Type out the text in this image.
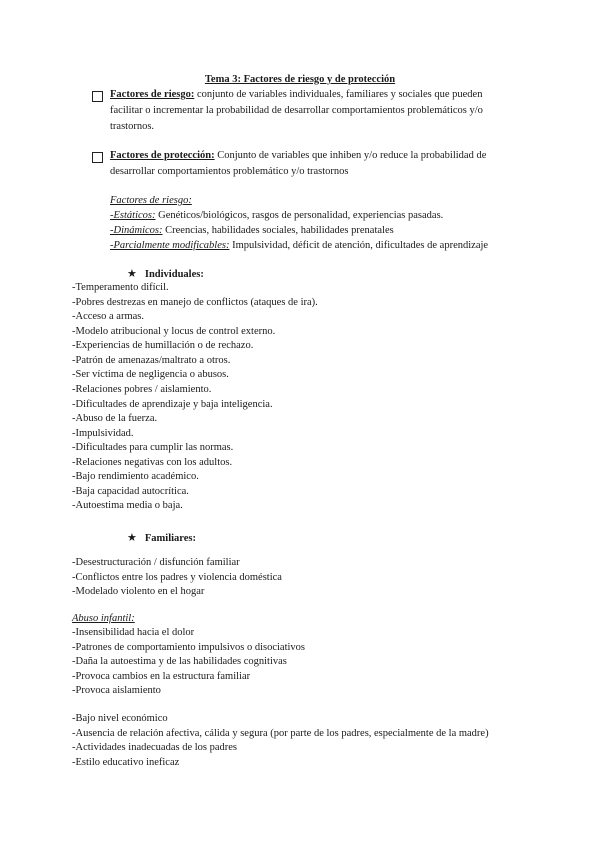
Tema 3: Factores de riesgo y de protección
Factores de riesgo: conjunto de variables individuales, familiares y sociales que pueden
facilitar o incrementar la probabilidad de desarrollar comportamientos problemáticos y/o
trastornos.
Factores de protección: Conjunto de variables que inhiben y/o reduce la probabilidad de
desarrollar comportamientos problemático y/o trastornos
Factores de riesgo:
-Estáticos: Genéticos/biológicos, rasgos de personalidad, experiencias pasadas.
-Dinámicos: Creencias, habilidades sociales, habilidades prenatales
-Parcialmente modificables: Impulsividad, déficit de atención, dificultades de aprendizaje
★ Individuales:
-Temperamento difícil.
-Pobres destrezas en manejo de conflictos (ataques de ira).
-Acceso a armas.
-Modelo atribucional y locus de control externo.
-Experiencias de humillación o de rechazo.
-Patrón de amenazas/maltrato a otros.
-Ser víctima de negligencia o abusos.
-Relaciones pobres / aislamiento.
-Dificultades de aprendizaje y baja inteligencia.
-Abuso de la fuerza.
-Impulsividad.
-Dificultades para cumplir las normas.
-Relaciones negativas con los adultos.
-Bajo rendimiento académico.
-Baja capacidad autocrítica.
-Autoestima media o baja.
★ Familiares:
-Desestructuración / disfunción familiar
-Conflictos entre los padres y violencia doméstica
-Modelado violento en el hogar
Abuso infantil:
-Insensibilidad hacia el dolor
-Patrones de comportamiento impulsivos o disociativos
-Daña la autoestima y de las habilidades cognitivas
-Provoca cambios en la estructura familiar
-Provoca aislamiento
-Bajo nivel económico
-Ausencia de relación afectiva, cálida y segura (por parte de los padres, especialmente de la madre)
-Actividades inadecuadas de los padres
-Estilo educativo ineficaz
